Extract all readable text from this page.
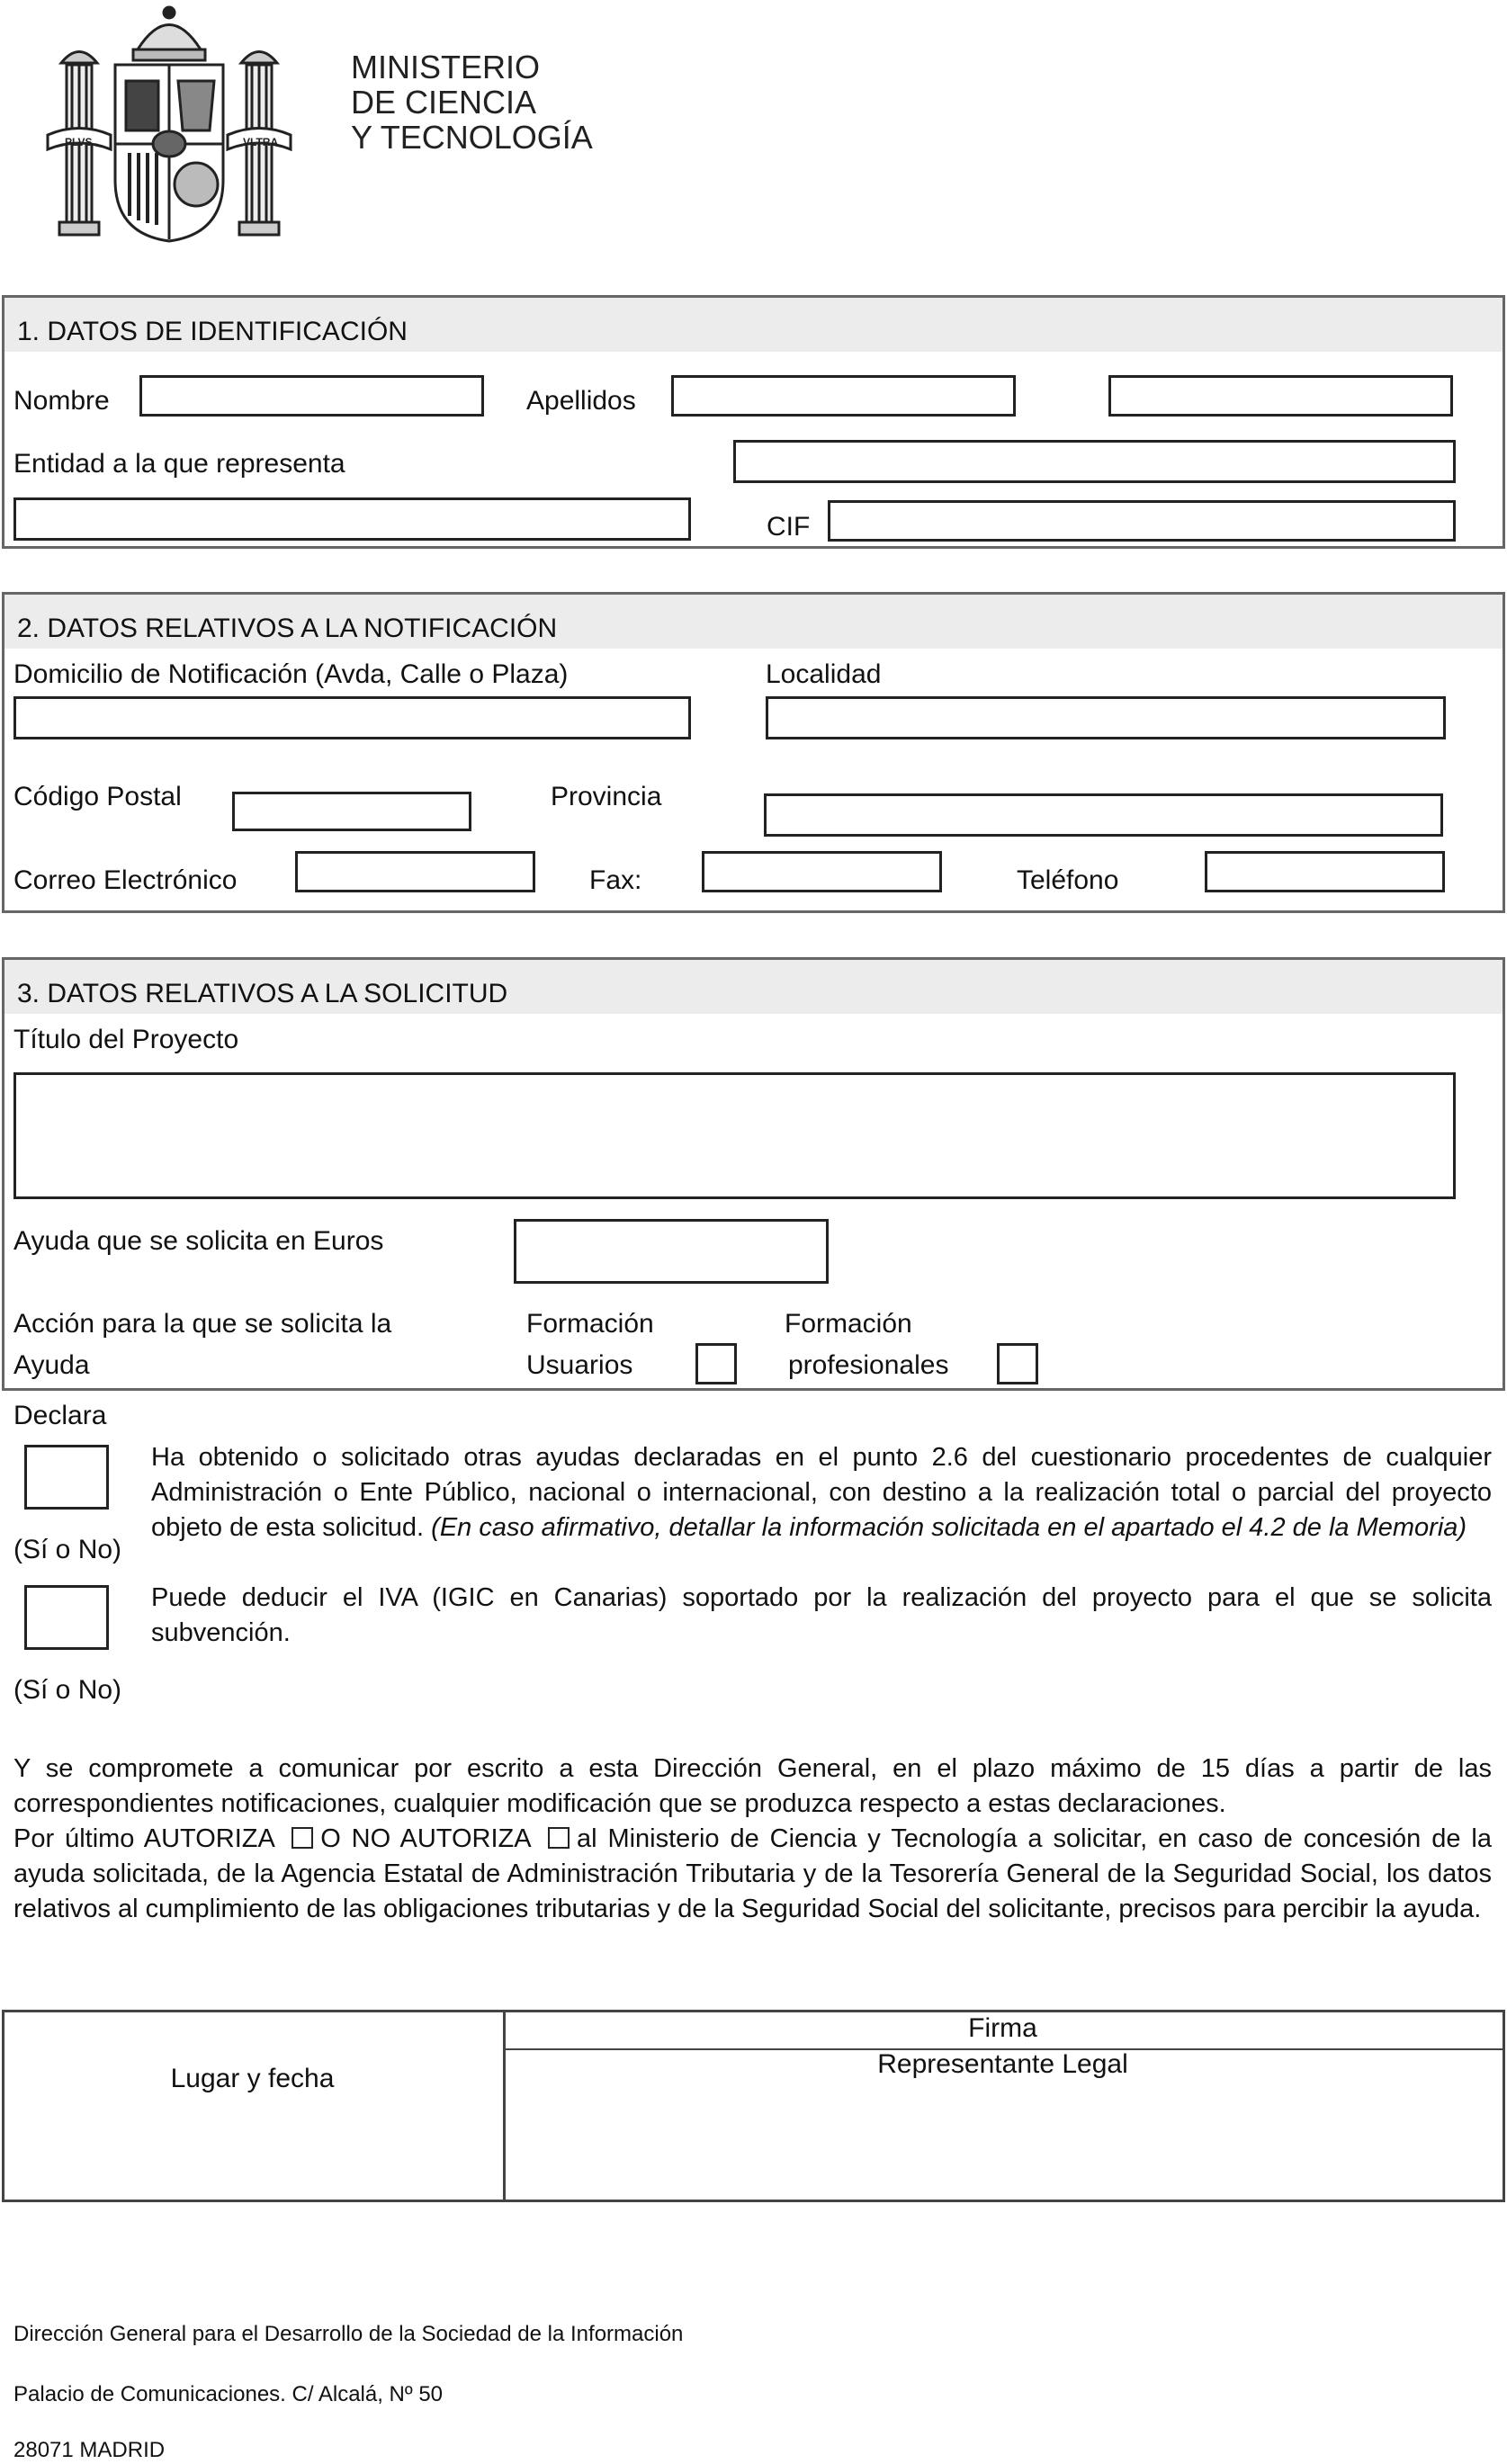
PLVS	VLTRA
MINISTERIO
DE CIENCIA
Y TECNOLOGÍA
1. DATOS DE IDENTIFICACIÓN
Nombre	Apellidos
Entidad a la que representa
CIF
2. DATOS RELATIVOS A LA NOTIFICACIÓN
Domicilio de Notificación (Avda, Calle o Plaza)	Localidad
Código Postal	Provincia
Correo Electrónico	Fax:	Teléfono
3. DATOS RELATIVOS A LA SOLICITUD
Título del Proyecto
Ayuda que se solicita en Euros
Acción para la que se solicita la
Ayuda
Formación
Usuarios
Formación
profesionales
Declara
(Sí o No)
(Sí o No)
Ha obtenido o solicitado otras ayudas declaradas en el punto 2.6 del cuestionario procedentes de cualquier Administración o Ente Público, nacional o internacional, con destino a la realización total o parcial del proyecto objeto de esta solicitud. (En caso afirmativo, detallar la información solicitada en el apartado el 4.2 de la Memoria)
Puede deducir el IVA (IGIC en Canarias) soportado por la realización del proyecto para el que se solicita subvención.
Y se compromete a comunicar por escrito a esta Dirección General, en el plazo máximo de 15 días a partir de las correspondientes notificaciones, cualquier modificación que se produzca respecto a estas declaraciones.
Por último AUTORIZA O NO AUTORIZA al Ministerio de Ciencia y Tecnología a solicitar, en caso de concesión de la ayuda solicitada, de la Agencia Estatal de Administración Tributaria y de la Tesorería General de la Seguridad Social, los datos relativos al cumplimiento de las obligaciones tributarias y de la Seguridad Social del solicitante, precisos para percibir la ayuda.
Lugar y fecha
Firma
Representante Legal
Dirección General para el Desarrollo de la Sociedad de la Información
Palacio de Comunicaciones. C/ Alcalá, Nº 50
28071 MADRID
